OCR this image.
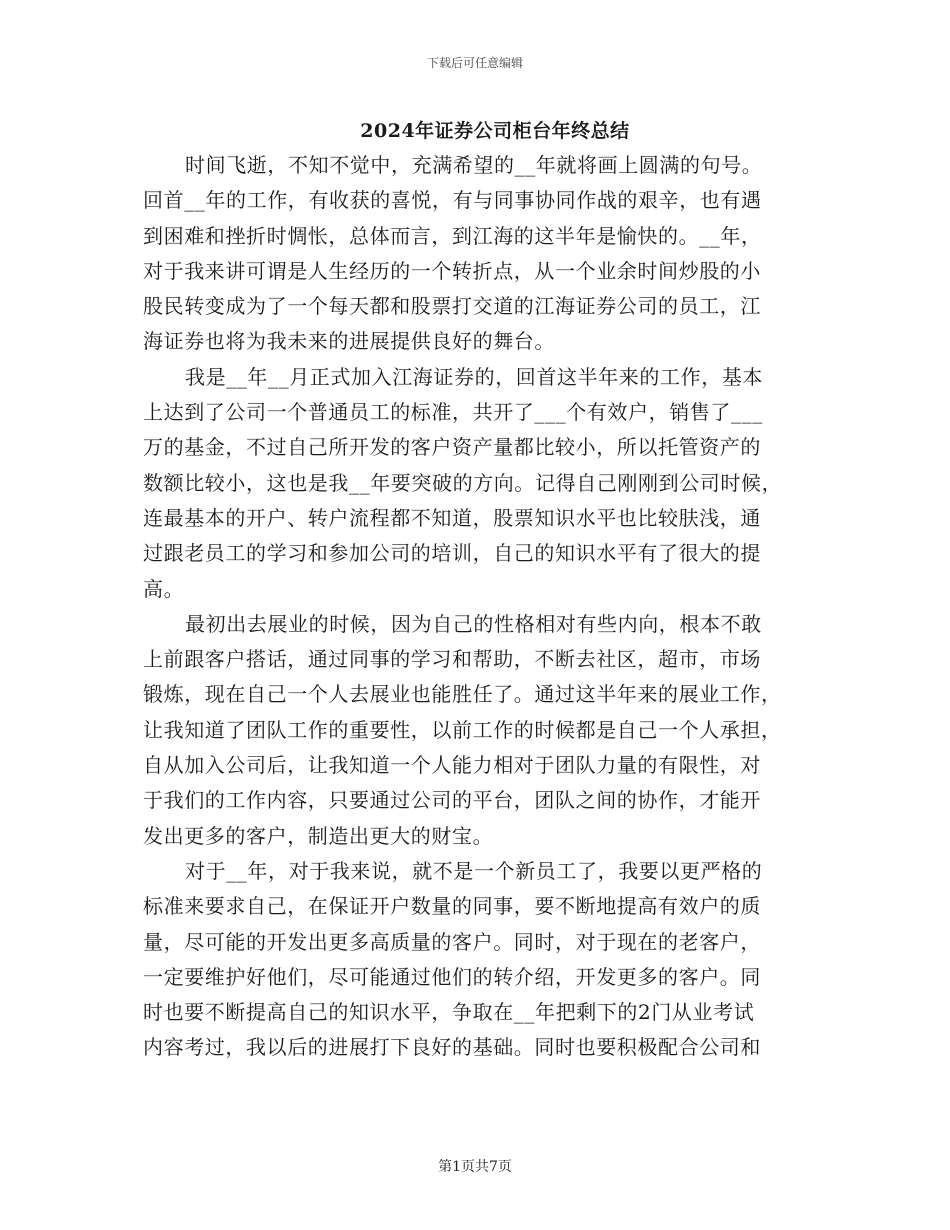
下载后可任意编辑
2024年证券公司柜台年终总结
时间飞逝，不知不觉中，充满希望的__年就将画上圆满的句号。
回首__年的工作，有收获的喜悦，有与同事协同作战的艰辛，也有遇
到困难和挫折时惆怅，总体而言，到江海的这半年是愉快的。__年，
对于我来讲可谓是人生经历的一个转折点，从一个业余时间炒股的小
股民转变成为了一个每天都和股票打交道的江海证券公司的员工，江
海证券也将为我未来的进展提供良好的舞台。
我是__年__月正式加入江海证券的，回首这半年来的工作，基本
上达到了公司一个普通员工的标准，共开了___个有效户，销售了___
万的基金，不过自己所开发的客户资产量都比较小，所以托管资产的
数额比较小，这也是我__年要突破的方向。记得自己刚刚到公司时候，
连最基本的开户、转户流程都不知道，股票知识水平也比较肤浅，通
过跟老员工的学习和参加公司的培训，自己的知识水平有了很大的提
高。
最初出去展业的时候，因为自己的性格相对有些内向，根本不敢
上前跟客户搭话，通过同事的学习和帮助，不断去社区，超市，市场
锻炼，现在自己一个人去展业也能胜任了。通过这半年来的展业工作，
让我知道了团队工作的重要性，以前工作的时候都是自己一个人承担，
自从加入公司后，让我知道一个人能力相对于团队力量的有限性，对
于我们的工作内容，只要通过公司的平台，团队之间的协作，才能开
发出更多的客户，制造出更大的财宝。
对于__年，对于我来说，就不是一个新员工了，我要以更严格的
标准来要求自己，在保证开户数量的同事，要不断地提高有效户的质
量，尽可能的开发出更多高质量的客户。同时，对于现在的老客户，
一定要维护好他们，尽可能通过他们的转介绍，开发更多的客户。同
时也要不断提高自己的知识水平，争取在__年把剩下的2门从业考试
内容考过，我以后的进展打下良好的基础。同时也要积极配合公司和
第1页共7页
